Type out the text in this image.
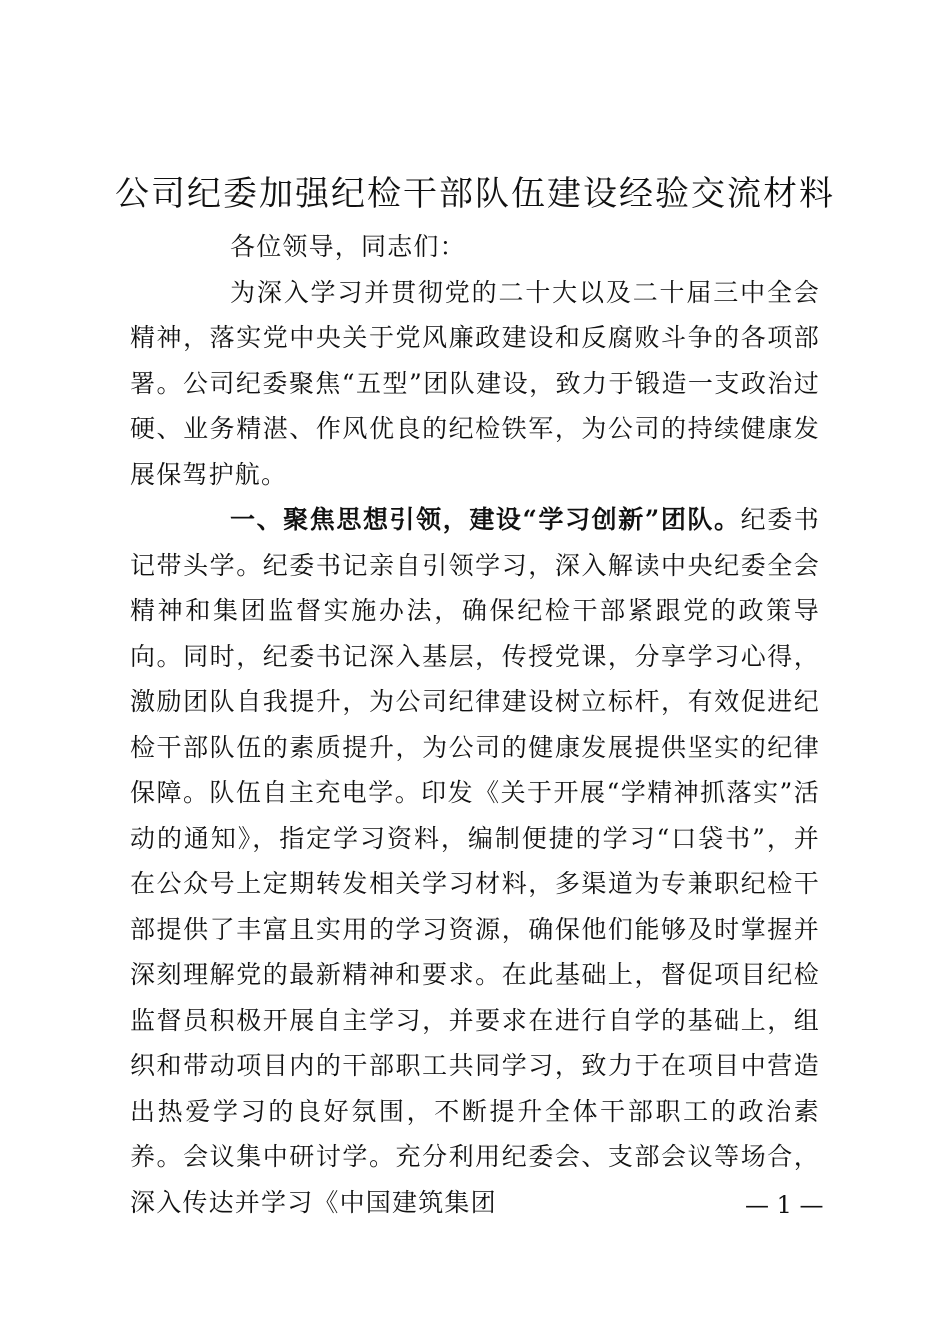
公司纪委加强纪检干部队伍建设经验交流材料

各位领导，同志们：

为深入学习并贯彻党的二十大以及二十届三中全会精神，落实党中央关于党风廉政建设和反腐败斗争的各项部署。公司纪委聚焦“五型”团队建设，致力于锻造一支政治过硬、业务精湛、作风优良的纪检铁军，为公司的持续健康发展保驾护航。

一、聚焦思想引领，建设“学习创新”团队。纪委书记带头学。纪委书记亲自引领学习，深入解读中央纪委全会精神和集团监督实施办法，确保纪检干部紧跟党的政策导向。同时，纪委书记深入基层，传授党课，分享学习心得，激励团队自我提升，为公司纪律建设树立标杆，有效促进纪检干部队伍的素质提升，为公司的健康发展提供坚实的纪律保障。队伍自主充电学。印发《关于开展“学精神抓落实”活动的通知》，指定学习资料，编制便捷的学习“口袋书”，并在公众号上定期转发相关学习材料，多渠道为专兼职纪检干部提供了丰富且实用的学习资源，确保他们能够及时掌握并深刻理解党的最新精神和要求。在此基础上，督促项目纪检监督员积极开展自主学习，并要求在进行自学的基础上，组织和带动项目内的干部职工共同学习，致力于在项目中营造出热爱学习的良好氛围，不断提升全体干部职工的政治素养。会议集中研讨学。充分利用纪委会、支部会议等场合，深入传达并学习《中国建筑集团	— 1 —
